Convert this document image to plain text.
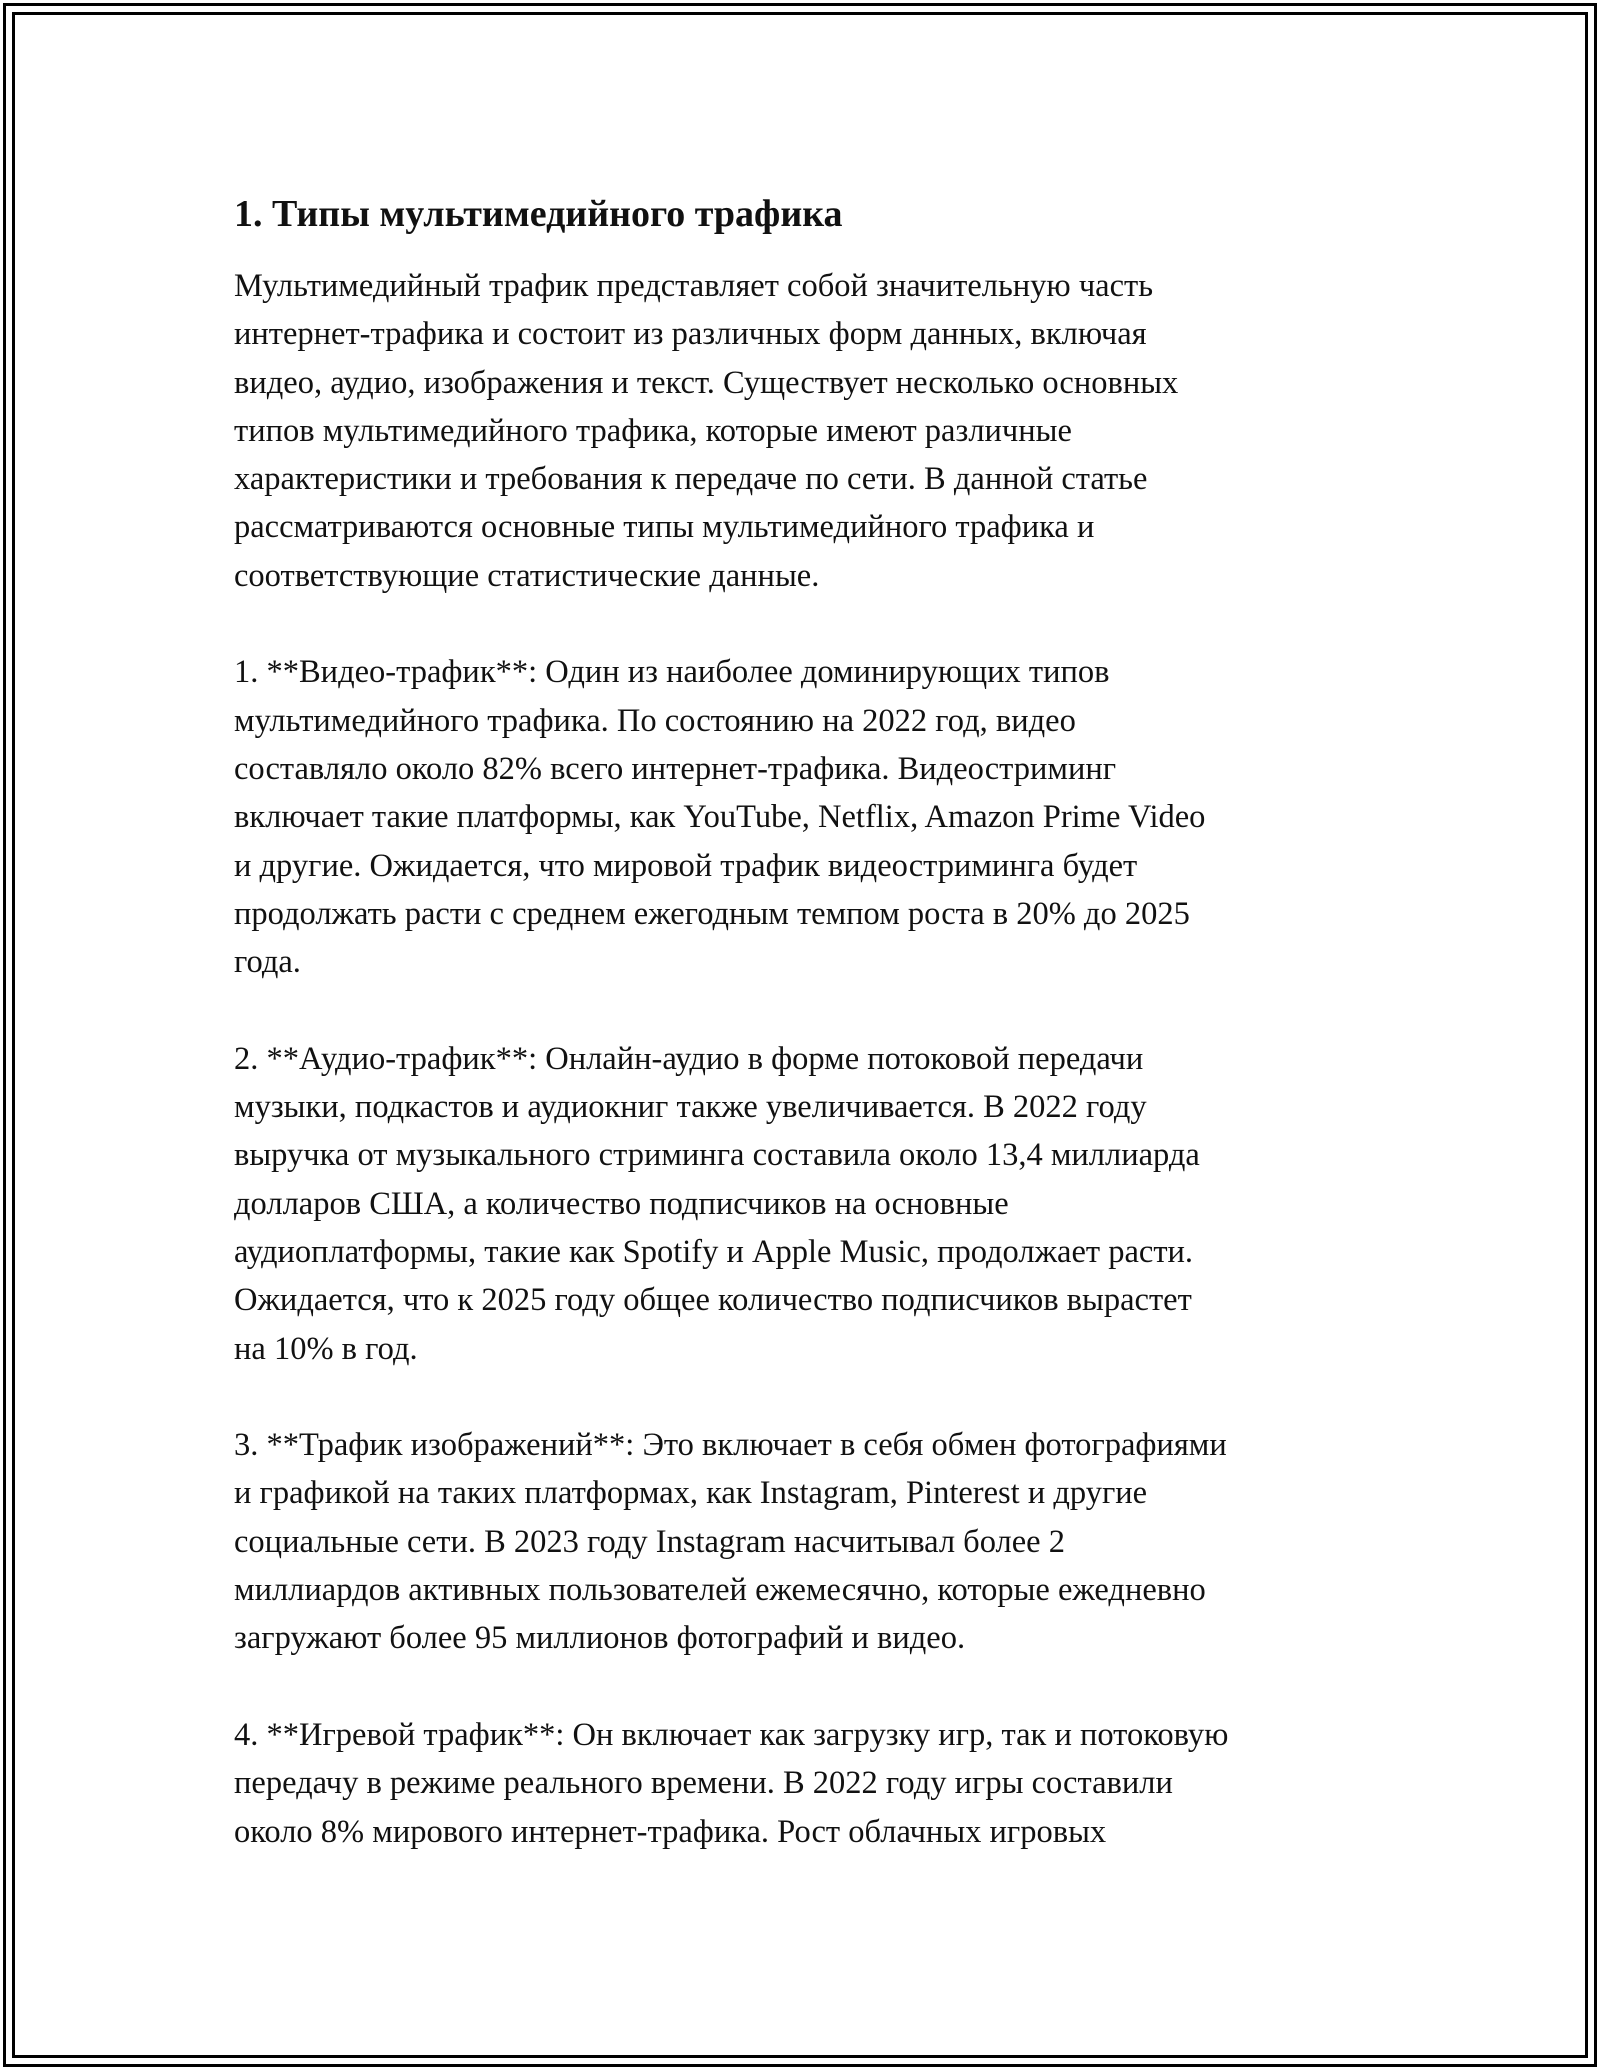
1. Типы мультимедийного трафика

Мультимедийный трафик представляет собой значительную часть
интернет-трафика и состоит из различных форм данных, включая
видео, аудио, изображения и текст. Существует несколько основных
типов мультимедийного трафика, которые имеют различные
характеристики и требования к передаче по сети. В данной статье
рассматриваются основные типы мультимедийного трафика и
соответствующие статистические данные.

1. **Видео-трафик**: Один из наиболее доминирующих типов
мультимедийного трафика. По состоянию на 2022 год, видео
составляло около 82% всего интернет-трафика. Видеостриминг
включает такие платформы, как YouTube, Netflix, Amazon Prime Video
и другие. Ожидается, что мировой трафик видеостриминга будет
продолжать расти с среднем ежегодным темпом роста в 20% до 2025
года.

2. **Аудио-трафик**: Онлайн-аудио в форме потоковой передачи
музыки, подкастов и аудиокниг также увеличивается. В 2022 году
выручка от музыкального стриминга составила около 13,4 миллиарда
долларов США, а количество подписчиков на основные
аудиоплатформы, такие как Spotify и Apple Music, продолжает расти.
Ожидается, что к 2025 году общее количество подписчиков вырастет
на 10% в год.

3. **Трафик изображений**: Это включает в себя обмен фотографиями
и графикой на таких платформах, как Instagram, Pinterest и другие
социальные сети. В 2023 году Instagram насчитывал более 2
миллиардов активных пользователей ежемесячно, которые ежедневно
загружают более 95 миллионов фотографий и видео.

4. **Игревой трафик**: Он включает как загрузку игр, так и потоковую
передачу в режиме реального времени. В 2022 году игры составили
около 8% мирового интернет-трафика. Рост облачных игровых
